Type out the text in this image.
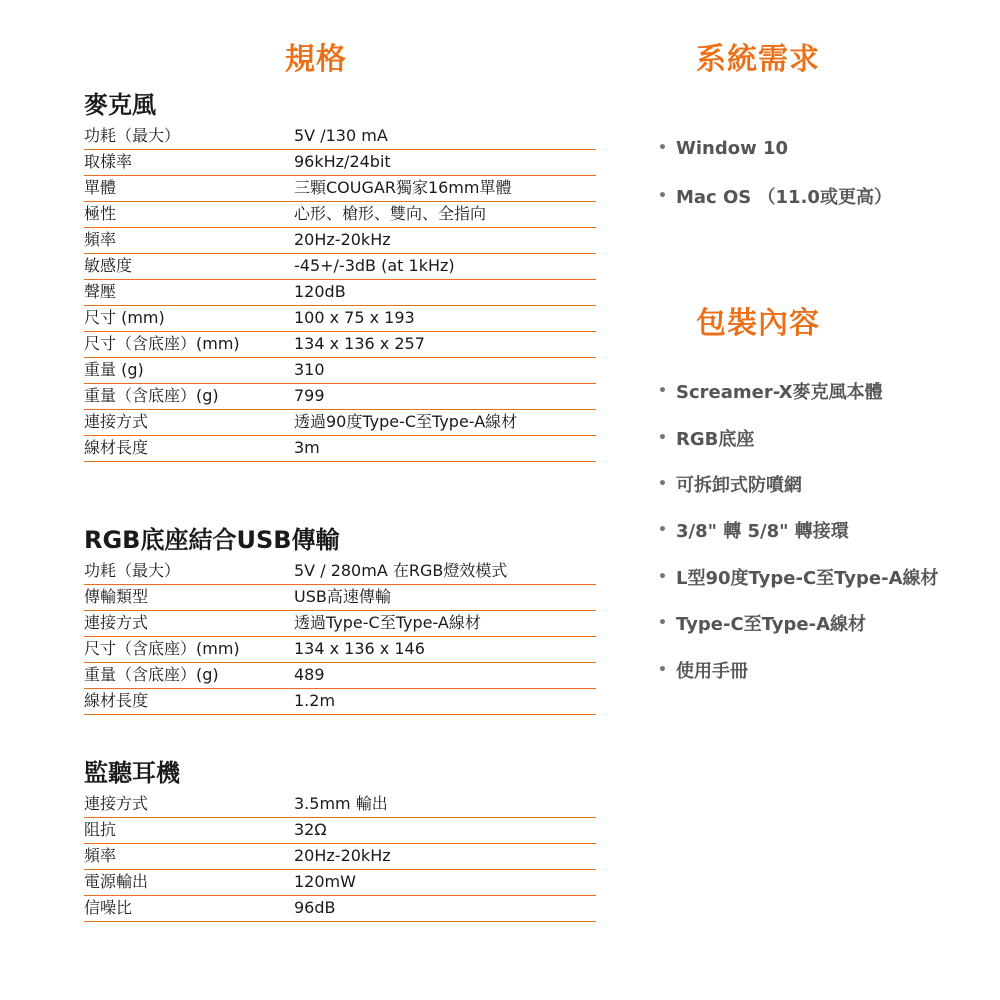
規格	系統需求
包裝內容
麥克風
功耗（最大）	5V /130 mA
取樣率	96kHz/24bit
單體	三顆COUGAR獨家16mm單體
極性	心形、槍形、雙向、全指向
頻率	20Hz-20kHz
敏感度	-45+/-3dB (at 1kHz)
聲壓	120dB
尺寸 (mm)	100 x 75 x 193
尺寸（含底座）(mm)	134 x 136 x 257
重量 (g)	310
重量（含底座）(g)	799
連接方式	透過90度Type-C至Type-A線材
線材長度	3m
RGB底座結合USB傳輸
功耗（最大）	5V / 280mA 在RGB燈效模式
傳輸類型	USB高速傳輸
連接方式	透過Type-C至Type-A線材
尺寸（含底座）(mm)	134 x 136 x 146
重量（含底座）(g)	489
線材長度	1.2m
監聽耳機
連接方式	3.5mm 輸出
阻抗	32Ω
頻率	20Hz-20kHz
電源輸出	120mW
信噪比	96dB
• Window 10
• Mac OS （11.0或更高）
• Screamer-X麥克風本體
• RGB底座
• 可拆卸式防噴網
• 3/8" 轉 5/8" 轉接環
• L型90度Type-C至Type-A線材
• Type-C至Type-A線材
• 使用手冊
